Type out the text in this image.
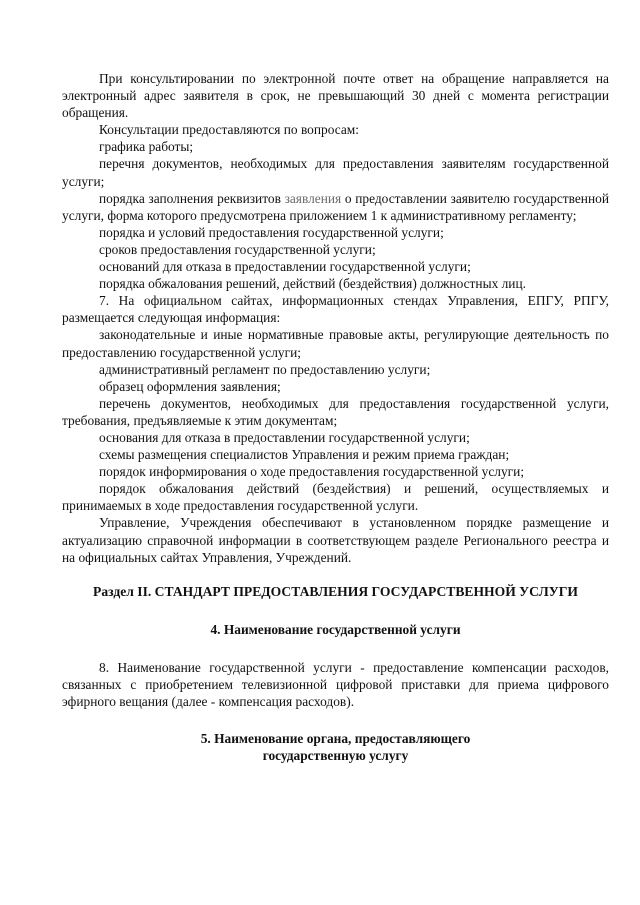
При консультировании по электронной почте ответ на обращение направляется на электронный адрес заявителя в срок, не превышающий 30 дней с момента регистрации обращения.

Консультации предоставляются по вопросам:

графика работы;

перечня документов, необходимых для предоставления заявителям государственной услуги;

порядка заполнения реквизитов заявления о предоставлении заявителю государственной услуги, форма которого предусмотрена приложением 1 к административному регламенту;

порядка и условий предоставления государственной услуги;

сроков предоставления государственной услуги;

оснований для отказа в предоставлении государственной услуги;

порядка обжалования решений, действий (бездействия) должностных лиц.

7. На официальном сайтах, информационных стендах Управления, ЕПГУ, РПГУ, размещается следующая информация:

законодательные и иные нормативные правовые акты, регулирующие деятельность по предоставлению государственной услуги;

административный регламент по предоставлению услуги;

образец оформления заявления;

перечень документов, необходимых для предоставления государственной услуги, требования, предъявляемые к этим документам;

основания для отказа в предоставлении государственной услуги;

схемы размещения специалистов Управления и режим приема граждан;

порядок информирования о ходе предоставления государственной услуги;

порядок обжалования действий (бездействия) и решений, осуществляемых и принимаемых в ходе предоставления государственной услуги.

Управление, Учреждения обеспечивают в установленном порядке размещение и актуализацию справочной информации в соответствующем разделе Регионального реестра и на официальных сайтах Управления, Учреждений.

Раздел II. СТАНДАРТ ПРЕДОСТАВЛЕНИЯ ГОСУДАРСТВЕННОЙ УСЛУГИ

4. Наименование государственной услуги

8. Наименование государственной услуги - предоставление компенсации расходов, связанных с приобретением телевизионной цифровой приставки для приема цифрового эфирного вещания (далее - компенсация расходов).

5. Наименование органа, предоставляющего государственную услугу
